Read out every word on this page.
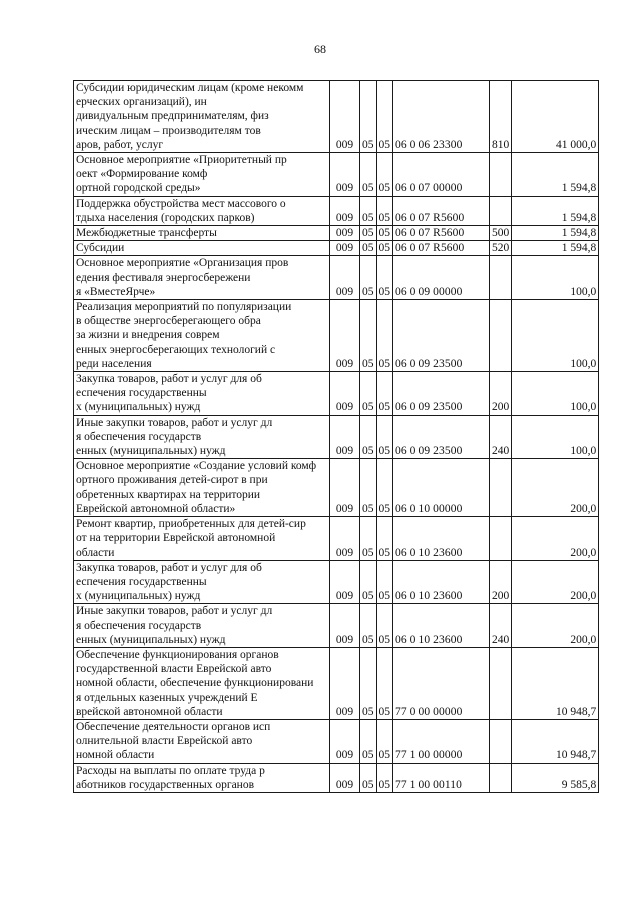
68
Субсидии юридическим лицам (кроме некомм
ерческих организаций), ин
дивидуальным предпринимателям, физ
ическим лицам – производителям тов
аров, работ, услуг	009	05	05	06 0 06 23300	810	41 000,0

Основное мероприятие «Приоритетный пр
оект «Формирование комф
ортной городской среды»	009	05	05	06 0 07 00000		1 594,8

Поддержка обустройства мест массового о
тдыха населения (городских парков)	009	05	05	06 0 07 R5600		1 594,8

Межбюджетные трансферты	009	05	05	06 0 07 R5600	500	1 594,8

Субсидии	009	05	05	06 0 07 R5600	520	1 594,8

Основное мероприятие «Организация пров
едения фестиваля энергосбережени
я «ВместеЯрче»	009	05	05	06 0 09 00000		100,0

Реализация мероприятий по популяризации
в обществе энергосберегающего обра
за жизни и внедрения соврем
енных энергосберегающих технологий с
реди населения	009	05	05	06 0 09 23500		100,0

Закупка товаров, работ и услуг для об
еспечения государственны
х (муниципальных) нужд	009	05	05	06 0 09 23500	200	100,0

Иные закупки товаров, работ и услуг дл
я обеспечения государств
енных (муниципальных) нужд	009	05	05	06 0 09 23500	240	100,0

Основное мероприятие «Создание условий комф
ортного проживания детей-сирот в при
обретенных квартирах на территории
Еврейской автономной области»	009	05	05	06 0 10 00000		200,0

Ремонт квартир, приобретенных для детей-сир
от на территории Еврейской автономной
области	009	05	05	06 0 10 23600		200,0

Закупка товаров, работ и услуг для об
еспечения государственны
х (муниципальных) нужд	009	05	05	06 0 10 23600	200	200,0

Иные закупки товаров, работ и услуг дл
я обеспечения государств
енных (муниципальных) нужд	009	05	05	06 0 10 23600	240	200,0

Обеспечение функционирования органов
государственной власти Еврейской авто
номной области, обеспечение функционировани
я отдельных казенных учреждений Е
врейской автономной области	009	05	05	77 0 00 00000		10 948,7

Обеспечение деятельности органов исп
олнительной власти Еврейской авто
номной области	009	05	05	77 1 00 00000		10 948,7

Расходы на выплаты по оплате труда р
аботников государственных органов	009	05	05	77 1 00 00110		9 585,8
